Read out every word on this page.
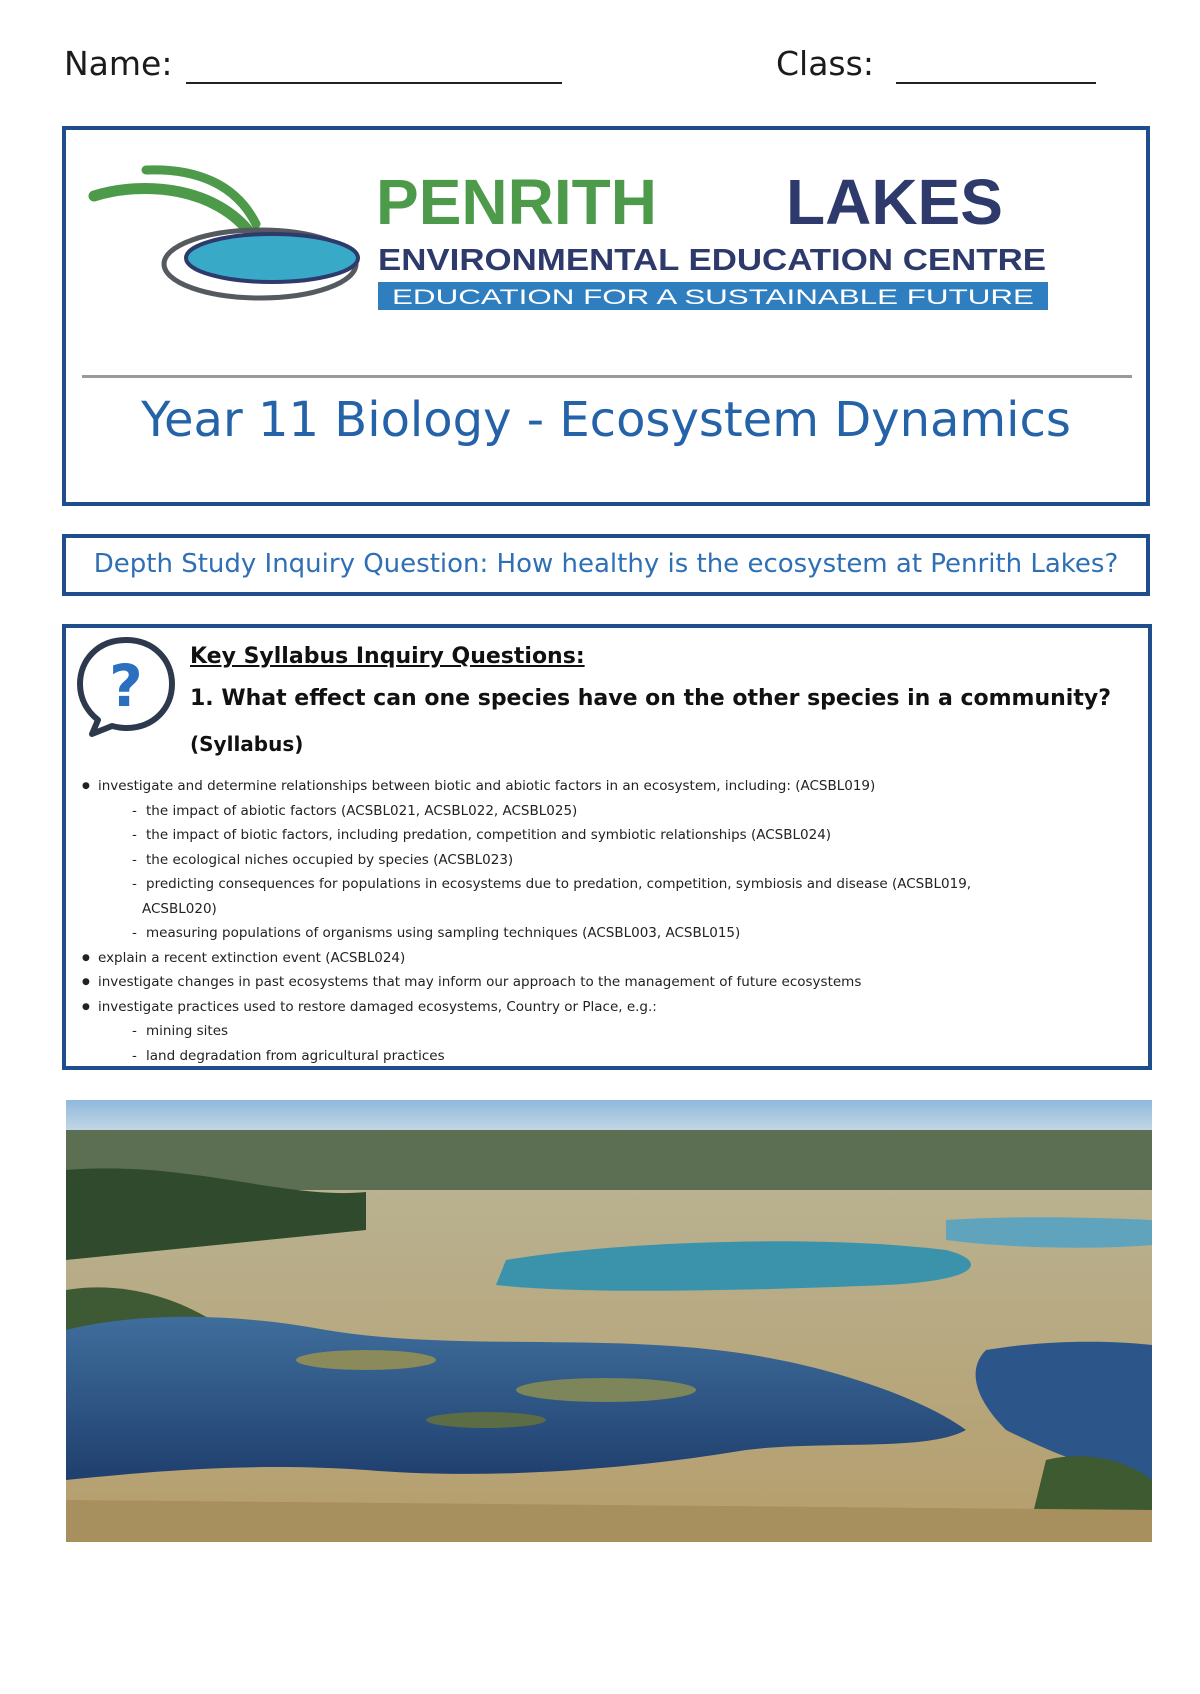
Name:	Class:
PENRITH LAKES
ENVIRONMENTAL EDUCATION CENTRE
EDUCATION FOR A SUSTAINABLE FUTURE
Year 11 Biology - Ecosystem Dynamics
Depth Study Inquiry Question: How healthy is the ecosystem at Penrith Lakes?
? Key Syllabus Inquiry Questions:
1. What effect can one species have on the other species in a community?
(Syllabus)
● investigate and determine relationships between biotic and abiotic factors in an ecosystem, including: (ACSBL019)
- the impact of abiotic factors (ACSBL021, ACSBL022, ACSBL025)
- the impact of biotic factors, including predation, competition and symbiotic relationships (ACSBL024)
- the ecological niches occupied by species (ACSBL023)
- predicting consequences for populations in ecosystems due to predation, competition, symbiosis and disease (ACSBL019,
ACSBL020)
- measuring populations of organisms using sampling techniques (ACSBL003, ACSBL015)
● explain a recent extinction event (ACSBL024)
● investigate changes in past ecosystems that may inform our approach to the management of future ecosystems
● investigate practices used to restore damaged ecosystems, Country or Place, e.g.:
- mining sites
- land degradation from agricultural practices
